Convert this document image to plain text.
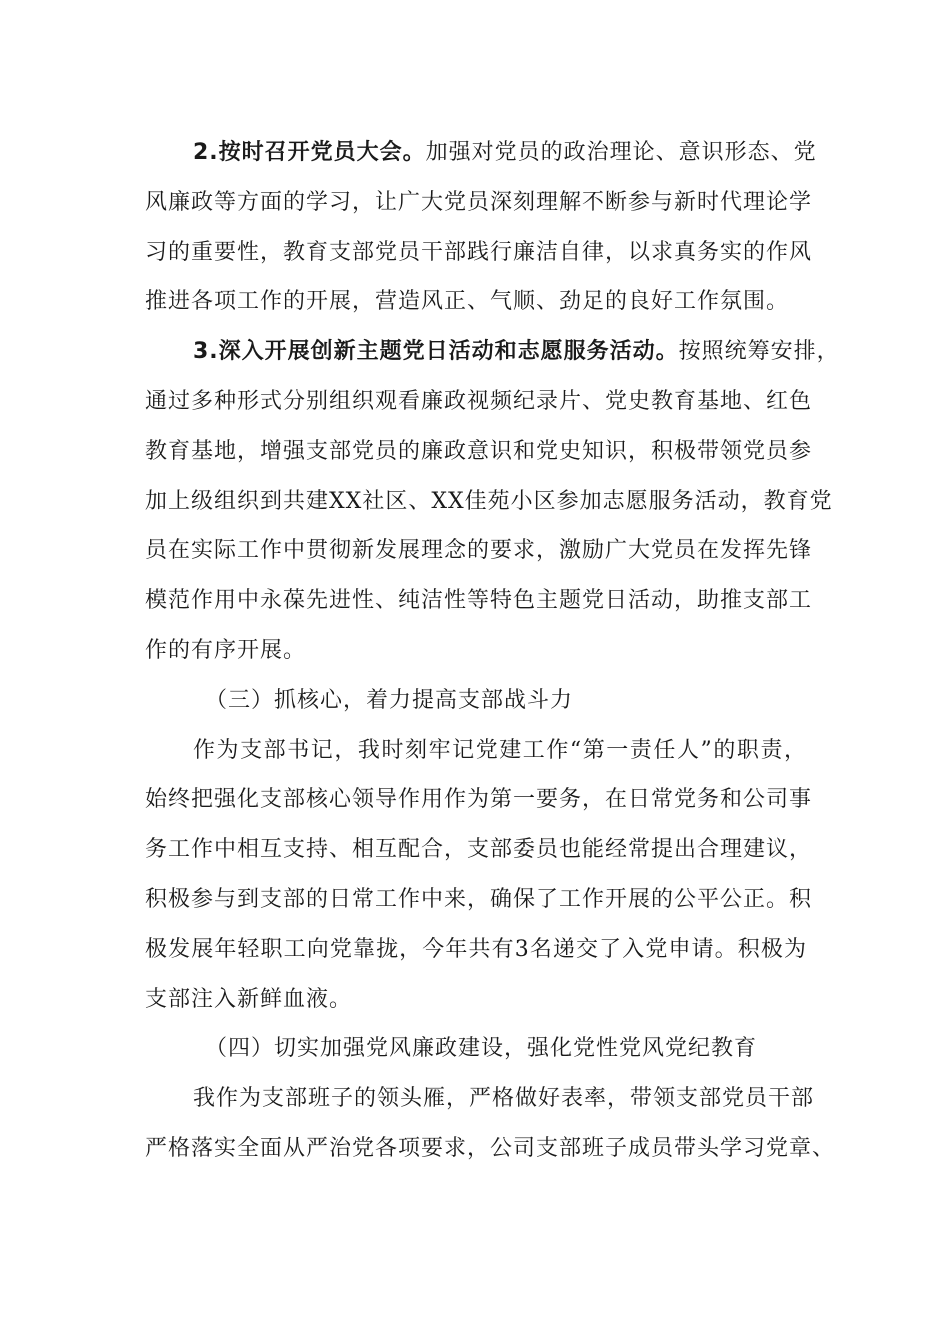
2.按时召开党员大会。加强对党员的政治理论、意识形态、党
风廉政等方面的学习，让广大党员深刻理解不断参与新时代理论学
习的重要性，教育支部党员干部践行廉洁自律，以求真务实的作风
推进各项工作的开展，营造风正、气顺、劲足的良好工作氛围。
3.深入开展创新主题党日活动和志愿服务活动。按照统筹安排，
通过多种形式分别组织观看廉政视频纪录片、党史教育基地、红色
教育基地，增强支部党员的廉政意识和党史知识，积极带领党员参
加上级组织到共建XX社区、XX佳苑小区参加志愿服务活动，教育党
员在实际工作中贯彻新发展理念的要求，激励广大党员在发挥先锋
模范作用中永葆先进性、纯洁性等特色主题党日活动，助推支部工
作的有序开展。
（三）抓核心，着力提高支部战斗力
作为支部书记，我时刻牢记党建工作“第一责任人”的职责，
始终把强化支部核心领导作用作为第一要务，在日常党务和公司事
务工作中相互支持、相互配合，支部委员也能经常提出合理建议，
积极参与到支部的日常工作中来，确保了工作开展的公平公正。积
极发展年轻职工向党靠拢，今年共有3名递交了入党申请。积极为
支部注入新鲜血液。
（四）切实加强党风廉政建设，强化党性党风党纪教育
我作为支部班子的领头雁，严格做好表率，带领支部党员干部
严格落实全面从严治党各项要求，公司支部班子成员带头学习党章、
